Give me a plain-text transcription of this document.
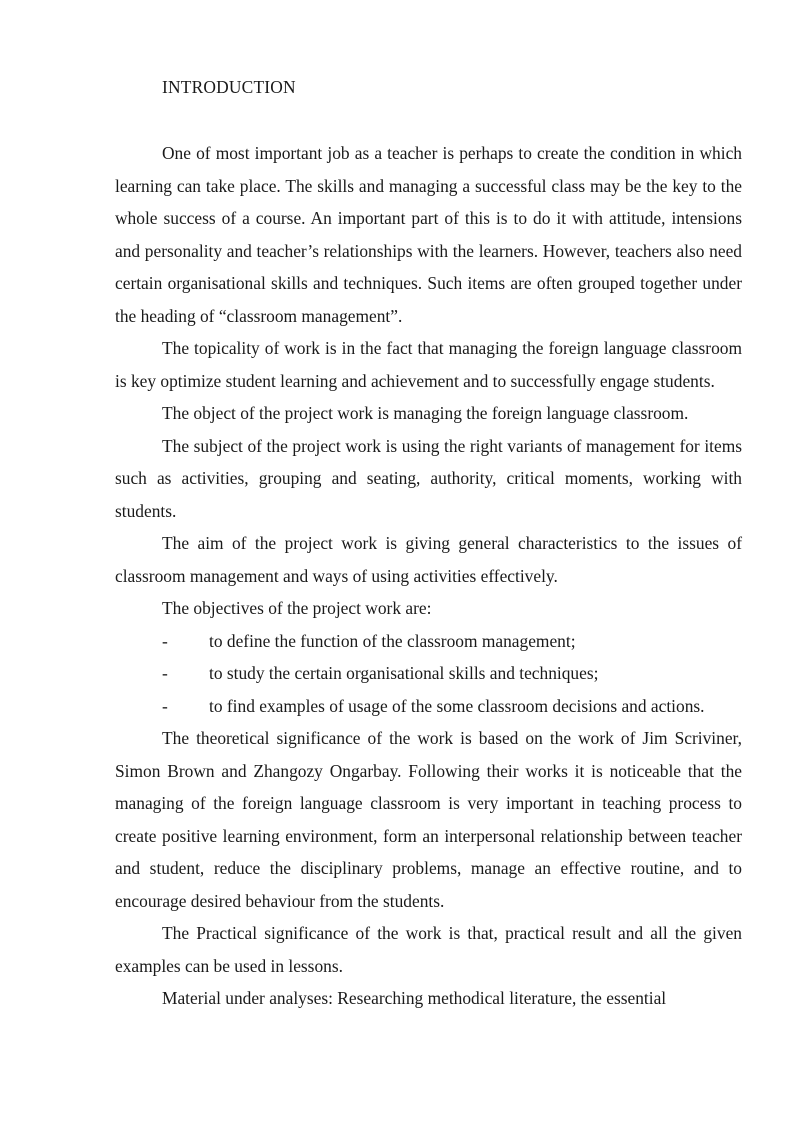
INTRODUCTION

One of most important job as a teacher is perhaps to create the condition in which learning can take place. The skills and managing a successful class may be the key to the whole success of a course. An important part of this is to do it with attitude, intensions and personality and teacher’s relationships with the learners. However, teachers also need certain organisational skills and techniques. Such items are often grouped together under the heading of “classroom management”.

The topicality of work is in the fact that managing the foreign language classroom is key optimize student learning and achievement and to successfully engage students.

The object of the project work is managing the foreign language classroom.

The subject of the project work is using the right variants of management for items such as activities, grouping and seating, authority, critical moments, working with students.

The aim of the project work is giving general characteristics to the issues of classroom management and ways of using activities effectively.

The objectives of the project work are:

- to define the function of the classroom management;
- to study the certain organisational skills and techniques;
- to find examples of usage of the some classroom decisions and actions.

The theoretical significance of the work is based on the work of Jim Scriviner, Simon Brown and Zhangozy Ongarbay. Following their works it is noticeable that the managing of the foreign language classroom is very important in teaching process to create positive learning environment, form an interpersonal relationship between teacher and student, reduce the disciplinary problems, manage an effective routine, and to encourage desired behaviour from the students.

The Practical significance of the work is that, practical result and all the given examples can be used in lessons.

Material under analyses: Researching methodical literature, the essential
